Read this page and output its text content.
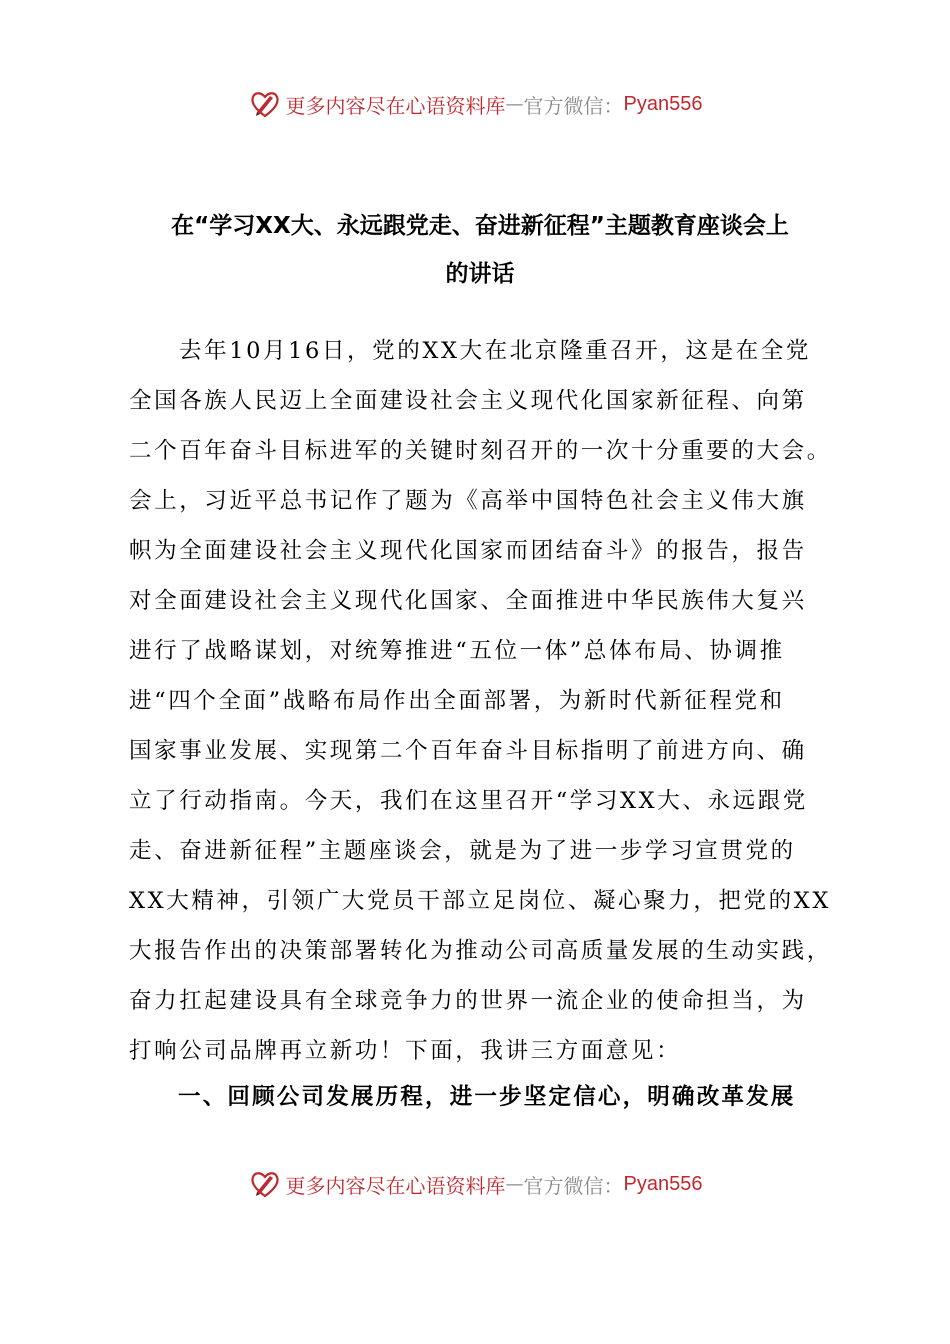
更多内容尽在心语资料库 — 官方微信： Pyan556
在“学习XX大、永远跟党走、奋进新征程”主题教育座谈会上
的讲话
去年10月16日，党的XX大在北京隆重召开，这是在全党
全国各族人民迈上全面建设社会主义现代化国家新征程、向第
二个百年奋斗目标进军的关键时刻召开的一次十分重要的大会。
会上，习近平总书记作了题为《高举中国特色社会主义伟大旗
帜为全面建设社会主义现代化国家而团结奋斗》的报告，报告
对全面建设社会主义现代化国家、全面推进中华民族伟大复兴
进行了战略谋划，对统筹推进“五位一体”总体布局、协调推
进“四个全面”战略布局作出全面部署，为新时代新征程党和
国家事业发展、实现第二个百年奋斗目标指明了前进方向、确
立了行动指南。今天，我们在这里召开“学习XX大、永远跟党
走、奋进新征程”主题座谈会，就是为了进一步学习宣贯党的
XX大精神，引领广大党员干部立足岗位、凝心聚力，把党的XX
大报告作出的决策部署转化为推动公司高质量发展的生动实践，
奋力扛起建设具有全球竞争力的世界一流企业的使命担当，为
打响公司品牌再立新功！下面，我讲三方面意见：
一、回顾公司发展历程，进一步坚定信心，明确改革发展
更多内容尽在心语资料库 — 官方微信： Pyan556
